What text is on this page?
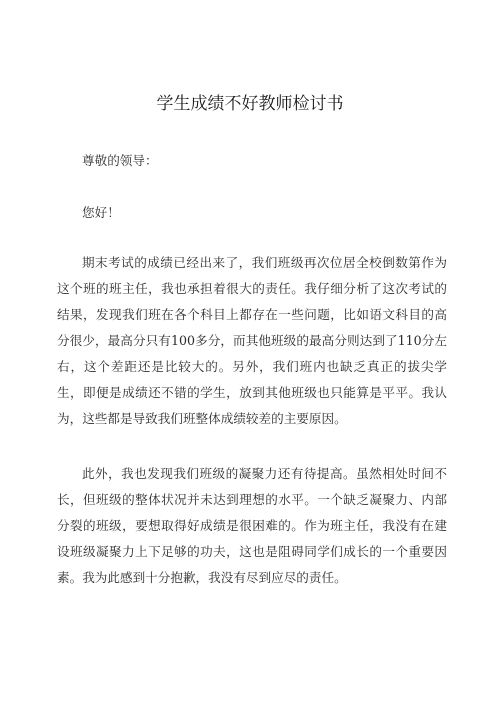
学生成绩不好教师检讨书
尊敬的领导：
您好！
期末考试的成绩已经出来了，我们班级再次位居全校倒数第作为这个班的班主任，我也承担着很大的责任。我仔细分析了这次考试的结果，发现我们班在各个科目上都存在一些问题，比如语文科目的高分很少，最高分只有100多分，而其他班级的最高分则达到了110分左右，这个差距还是比较大的。另外，我们班内也缺乏真正的拔尖学生，即便是成绩还不错的学生，放到其他班级也只能算是平平。我认为，这些都是导致我们班整体成绩较差的主要原因。
此外，我也发现我们班级的凝聚力还有待提高。虽然相处时间不长，但班级的整体状况并未达到理想的水平。一个缺乏凝聚力、内部分裂的班级，要想取得好成绩是很困难的。作为班主任，我没有在建设班级凝聚力上下足够的功夫，这也是阻碍同学们成长的一个重要因素。我为此感到十分抱歉，我没有尽到应尽的责任。
